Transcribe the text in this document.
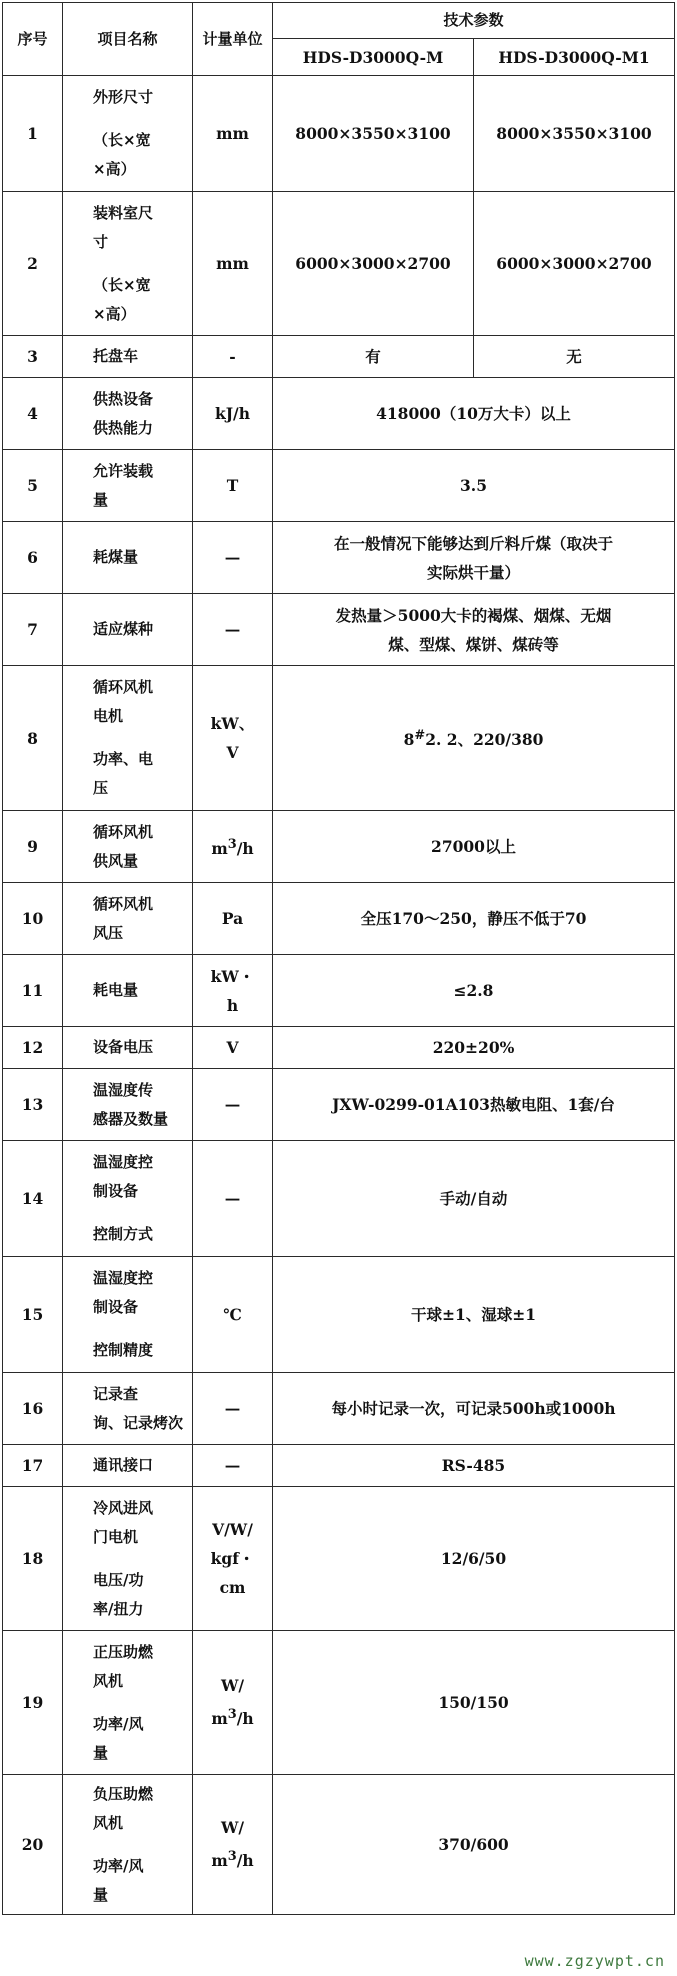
序号	项目名称	计量单位	技术参数	
			HDS-D3000Q-M	HDS-D3000Q-M1
1	外形尺寸
（长×宽
×高）	mm	8000×3550×3100	8000×3550×3100
2	装料室尺
寸
（长×宽
×高）	mm	6000×3000×2700	6000×3000×2700
3	托盘车	-	有	无
4	供热设备
供热能力	kJ/h	418000（10万大卡）以上	
5	允许装载
量	T	3.5	
6	耗煤量	—	在一般情况下能够达到斤料斤煤（取决于
实际烘干量）	

7	适应煤种	—	发热量＞5000大卡的褐煤、烟煤、无烟
煤、型煤、煤饼、煤砖等	

8	循环风机
电机
功率、电
压	kW、
V	8#2. 2、220/380	
9	循环风机
供风量	$m^3/h$	27000以上	
10	循环风机
风压	Pa	全压170～250，静压不低于70	
11	耗电量	kW・
h	≤2.8	
12	设备电压	V	220±20%	
13	温湿度传
感器及数量	—	JXW-0299-01A103热敏电阻、1套/台	
14	温湿度控
制设备
控制方式	—	手动/自动	
15	温湿度控
制设备
控制精度	℃	干球±1、湿球±1	
16	记录查
询、记录烤次	—	每小时记录一次，可记录500h或1000h	
17	通讯接口	—	RS-485	
18	冷风进风
门电机
电压/功
率/扭力	V/W/
kgf・cm	12/6/50	
19	正压助燃
风机
功率/风
量	W/
$m^3/h$	150/150	
20	负压助燃
风机
功率/风
量	W/
$m^3/h$	370/600	
www.zgzywpt.cn
